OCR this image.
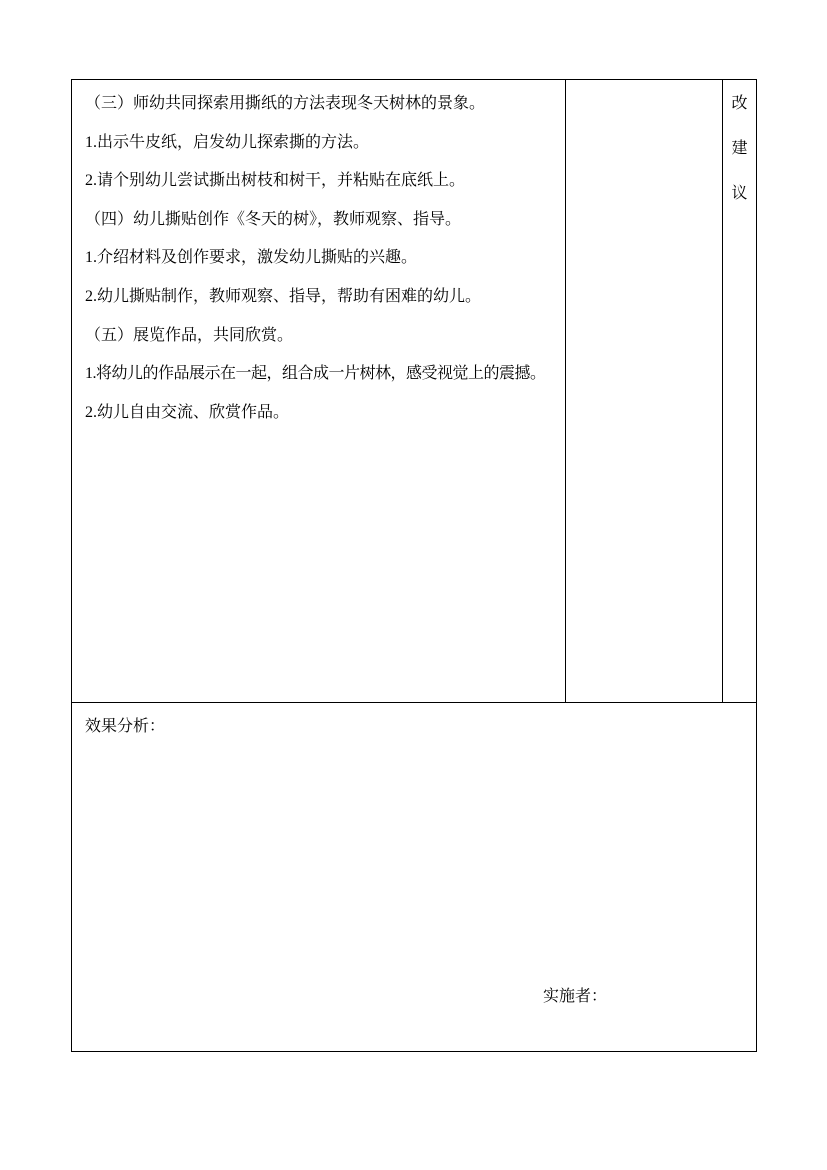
（三）师幼共同探索用撕纸的方法表现冬天树林的景象。
1.出示牛皮纸，启发幼儿探索撕的方法。
2.请个别幼儿尝试撕出树枝和树干，并粘贴在底纸上。
（四）幼儿撕贴创作《冬天的树》，教师观察、指导。
1.介绍材料及创作要求，激发幼儿撕贴的兴趣。
2.幼儿撕贴制作，教师观察、指导，帮助有困难的幼儿。
（五）展览作品，共同欣赏。
1.将幼儿的作品展示在一起，组合成一片树林，感受视觉上的震撼。
2.幼儿自由交流、欣赏作品。
改
建
议
效果分析：
实施者：
